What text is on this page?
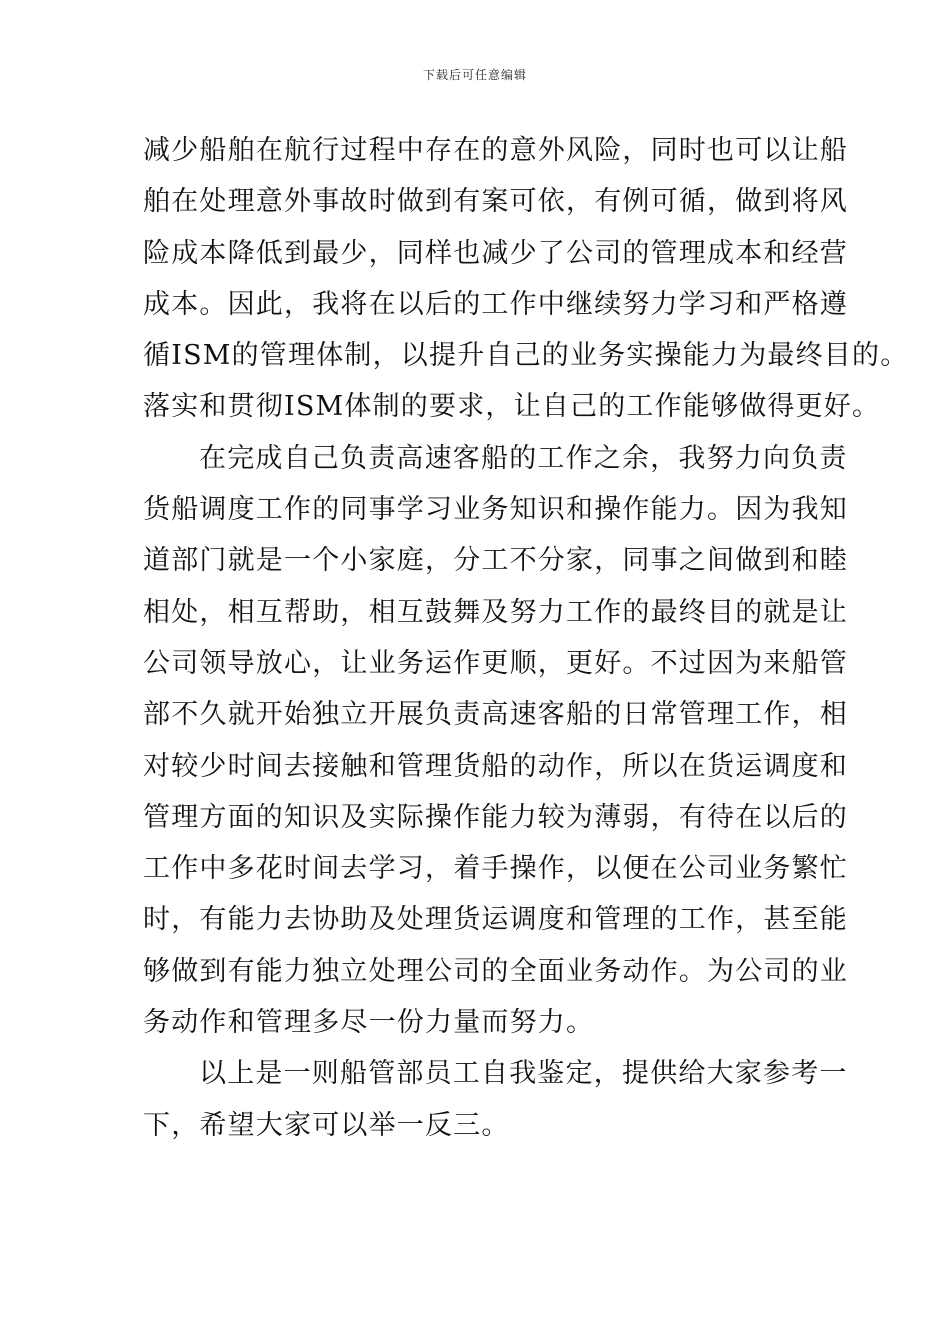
下载后可任意编辑
减少船舶在航行过程中存在的意外风险，同时也可以让船
舶在处理意外事故时做到有案可依，有例可循，做到将风
险成本降低到最少，同样也减少了公司的管理成本和经营
成本。因此，我将在以后的工作中继续努力学习和严格遵
循ISM的管理体制，以提升自己的业务实操能力为最终目的。
落实和贯彻ISM体制的要求，让自己的工作能够做得更好。
在完成自己负责高速客船的工作之余，我努力向负责
货船调度工作的同事学习业务知识和操作能力。因为我知
道部门就是一个小家庭，分工不分家，同事之间做到和睦
相处，相互帮助，相互鼓舞及努力工作的最终目的就是让
公司领导放心，让业务运作更顺，更好。不过因为来船管
部不久就开始独立开展负责高速客船的日常管理工作，相
对较少时间去接触和管理货船的动作，所以在货运调度和
管理方面的知识及实际操作能力较为薄弱，有待在以后的
工作中多花时间去学习，着手操作，以便在公司业务繁忙
时，有能力去协助及处理货运调度和管理的工作，甚至能
够做到有能力独立处理公司的全面业务动作。为公司的业
务动作和管理多尽一份力量而努力。
以上是一则船管部员工自我鉴定，提供给大家参考一
下，希望大家可以举一反三。
